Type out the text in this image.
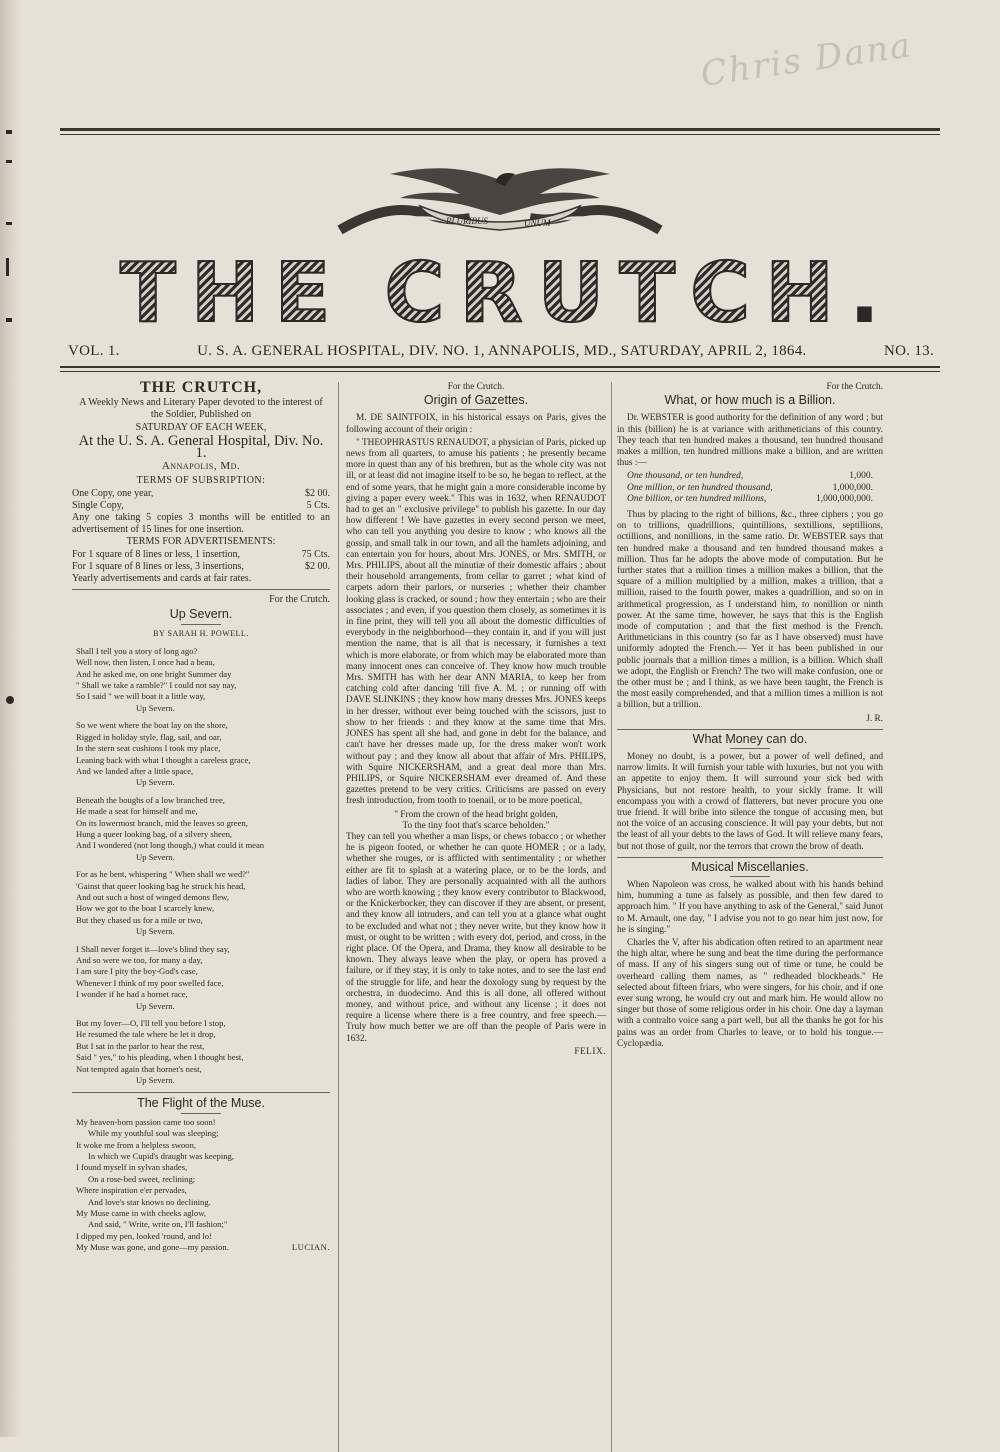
Chris Dana
PLURIBUS	UNUM
T H E C R U T C H .
VOL. 1.	U. S. A. GENERAL HOSPITAL, DIV. NO. 1, ANNAPOLIS, MD., SATURDAY, APRIL 2, 1864.	NO. 13.
THE CRUTCH,
A Weekly News and Literary Paper devoted to the interest of the Soldier, Published on
SATURDAY OF EACH WEEK,
At the U. S. A. General Hospital, Div. No. 1.
Annapolis, Md.
TERMS OF SUBSRIPTION:
One Copy, one year,	$2 00.
Single Copy,	5 Cts.
Any one taking 5 copies 3 months will be entitled to an advertisement of 15 lines for one insertion.
TERMS FOR ADVERTISEMENTS:
For 1 square of 8 lines or less, 1 insertion,	75 Cts.
For 1 square of 8 lines or less, 3 insertions,	$2 00.
Yearly advertisements and cards at fair rates.
For the Crutch.
Up Severn.
BY SARAH H. POWELL.
Shall I tell you a story of long ago?
Well now, then listen, I once had a beau,
And he asked me, on one bright Summer day
" Shall we take a ramble?" I could not say nay,
So I said " we will boat it a little way,
Up Severn.
So we went where the boat lay on the shore,
Rigged in holiday style, flag, sail, and oar,
In the stern seat cushions I took my place,
Leaning back with what I thought a careless grace,
And we landed after a little space,
Up Severn.
Beneath the boughs of a low branched tree,
He made a seat for himself and me,
On its lowermost branch, mid the leaves so green,
Hung a queer looking bag, of a silvery sheen,
And I wondered (not long though,) what could it mean
Up Severn.
For as he bent, whispering " When shall we wed?"
'Gainst that queer looking bag he struck his head,
And out such a host of winged demons flew,
How we got to the boat I scarcely knew,
But they chased us for a mile or two,
Up Severn.
I Shall never forget it—love's blind they say,
And so were we too, for many a day,
I am sure I pity the boy-God's case,
Whenever I think of my poor swelled face,
I wonder if he had a hornet race,
Up Severn.
But my lover—O, I'll tell you before I stop,
He resumed the tale where he let it drop,
But I sat in the parlor to hear the rest,
Said " yes," to his pleading, when I thought best,
Not tempted again that hornet's nest,
Up Severn.
The Flight of the Muse.
My heaven-born passion came too soon!
While my youthful soul was sleeping;
It woke me from a helpless swoon,
In which we Cupid's draught was keeping,
I found myself in sylvan shades,
On a rose-bed sweet, reclining;
Where inspiration e'er pervades,
And love's star knows no declining.
My Muse came in with cheeks aglow,
And said, " Write, write on, I'll fashion;"
I dipped my pen, looked 'round, and lo!
My Muse was gone, and gone—my passion.	LUCIAN.
For the Crutch.
Origin of Gazettes.

M. DE SAINTFOIX, in his historical essays on Paris, gives the following account of their origin :

" THEOPHRASTUS RENAUDOT, a physician of Paris, picked up news from all quarters, to amuse his patients ; he presently became more in quest than any of his brethren, but as the whole city was not ill, or at least did not imagine itself to be so, he began to reflect, at the end of some years, that he might gain a more considerable income by giving a paper every week." This was in 1632, when RENAUDOT had to get an " exclusive privilege" to publish his gazette. In our day how different ! We have gazettes in every second person we meet, who can tell you anything you desire to know ; who knows all the gossip, and small talk in our town, and all the hamlets adjoining, and can entertain you for hours, about Mrs. JONES, or Mrs. SMITH, or Mrs. PHILIPS, about all the minutiæ of their domestic affairs ; about their household arrangements, from cellar to garret ; what kind of carpets adorn their parlors, or nurseries ; whether their chamber looking glass is cracked, or sound ; how they entertain ; who are their associates ; and even, if you question them closely, as sometimes it is in fine print, they will tell you all about the domestic difficulties of everybody in the neighborhood—they contain it, and if you will just mention the name, that is all that is necessary, it furnishes a text which is more elaborate, or from which may be elaborated more than many innocent ones can conceive of. They know how much trouble Mrs. SMITH has with her dear ANN MARIA, to keep her from catching cold after dancing 'till five A. M. ; or running off with DAVE SLINKINS ; they know how many dresses Mrs. JONES keeps in her dresser, without ever being touched with the scissors, just to show to her friends : and they know at the same time that Mrs. JONES has spent all she had, and gone in debt for the balance, and can't have her dresses made up, for the dress maker won't work without pay ; and they know all about that affair of Mrs. PHILIPS, with Squire NICKERSHAM, and a great deal more than Mrs. PHILIPS, or Squire NICKERSHAM ever dreamed of. And these gazettes pretend to be very critics. Criticisms are passed on every fresh introduction, from tooth to toenail, or to be more poetical,

" From the crown of the head bright golden,
To the tiny foot that's scarce beholden."

They can tell you whether a man lisps, or chews tobacco ; or whether he is pigeon footed, or whether he can quote HOMER ; or a lady, whether she rouges, or is afflicted with sentimentality ; or whether either are fit to splash at a watering place, or to be the lords, and ladies of labor. They are personally acquainted with all the authors who are worth knowing ; they know every contributor to Blackwood, or the Knickerbocker, they can discover if they are absent, or present, and they know all intruders, and can tell you at a glance what ought to be excluded and what not ; they never write, but they know how it must, or ought to be written ; with every dot, period, and cross, in the right place. Of the Opera, and Drama, they know all desirable to be known. They always leave when the play, or opera has proved a failure, or if they stay, it is only to take notes, and to see the last end of the struggle for life, and hear the doxology sung by request by the orchestra, in duodecimo. And this is all done, all offered without money, and without price, and without any license ; it does not require a license where there is a free country, and free speech.— Truly how much better we are off than the people of Paris were in 1632.

FELIX.
For the Crutch.
What, or how much is a Billion.

Dr. WEBSTER is good authority for the definition of any word ; but in this (billion) he is at variance with arithmeticians of this country. They teach that ten hundred makes a thousand, ten hundred thousand makes a million, ten hundred millions make a billion, and are written thus :—

One thousand, or ten hundred,	1,000.
One million, or ten hundred thousand,	1,000,000.
One billion, or ten hundred millions,	1,000,000,000.

Thus by placing to the right of billions, &c., three ciphers ; you go on to trillions, quadrillions, quintillions, sextillions, septillions, octillions, and nonillions, in the same ratio. Dr. WEBSTER says that ten hundred make a thousand and ten hundred thousand makes a million. Thus far he adopts the above mode of computation. But he further states that a million times a million makes a billion, that the square of a million multiplied by a million, makes a trillion, that a million, raised to the fourth power, makes a quadrillion, and so on in arithmetical progression, as I understand him, to nonillion or ninth power. At the same time, however, he says that this is the English mode of computation ; and that the first method is the French. Arithmeticians in this country (so far as I have observed) must have uniformly adopted the French.— Yet it has been published in our public journals that a million times a million, is a billion. Which shall we adopt, the English or French? The two will make confusion, one or the other must be ; and I think, as we have been taught, the French is the most easily comprehended, and that a million times a million is not a billion, but a trillion.

J. R.
What Money can do.

Money no doubt, is a power, but a power of well defined, and narrow limits. It will furnish your table with luxuries, but not you with an appetite to enjoy them. It will surround your sick bed with Physicians, but not restore health, to your sickly frame. It will encompass you with a crowd of flatterers, but never procure you one true friend. It will bribe into silence the tongue of accusing men, but not the voice of an accusing conscience. It will pay your debts, but not the least of all your debts to the laws of God. It will relieve many fears, but not those of guilt, nor the terrors that crown the brow of death.

Musical Miscellanies.

When Napoleon was cross, he walked about with his hands behind him, humming a tune as falsely as possible, and then few dared to approach him. " If you have anything to ask of the General," said Junot to M. Arnault, one day, " I advise you not to go near him just now, for he is singing."

Charles the V, after his abdication often retired to an apartment near the high altar, where he sung and beat the time during the performance of mass. If any of his singers sung out of time or tune, he could be overheard calling them names, as " redheaded blockheads." He selected about fifteen friars, who were singers, for his choir, and if one ever sung wrong, he would cry out and mark him. He would allow no singer but those of some religious order in his choir. One day a layman with a contralto voice sang a part well, but all the thanks he got for his pains was an order from Charles to leave, or to hold his tongue.—Cyclopædia.
